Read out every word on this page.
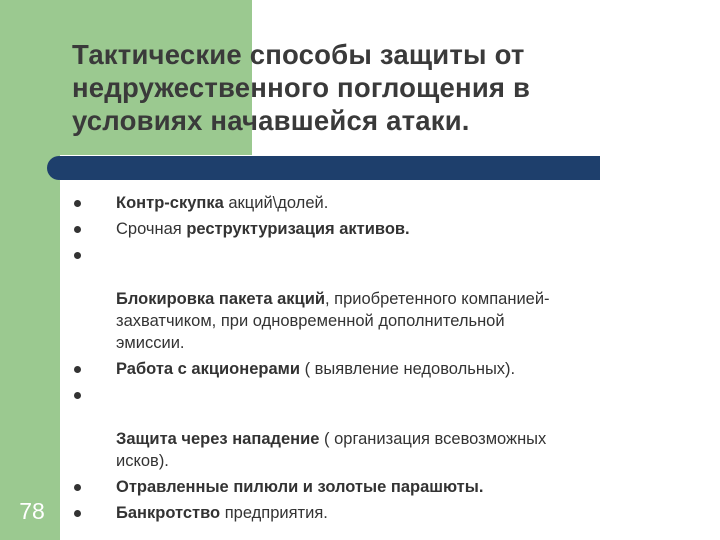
Тактические способы защиты от
недружественного поглощения в
условиях начавшейся атаки.
Контр-скупка акций\долей.
Срочная реструктуризация активов.

Блокировка пакета акций, приобретенного компанией-
захватчиком, при одновременной дополнительной
эмиссии.

Работа с акционерами ( выявление недовольных).

Защита через нападение ( организация всевозможных
исков).

Отравленные пилюли и золотые парашюты.
Банкротство предприятия.
78
